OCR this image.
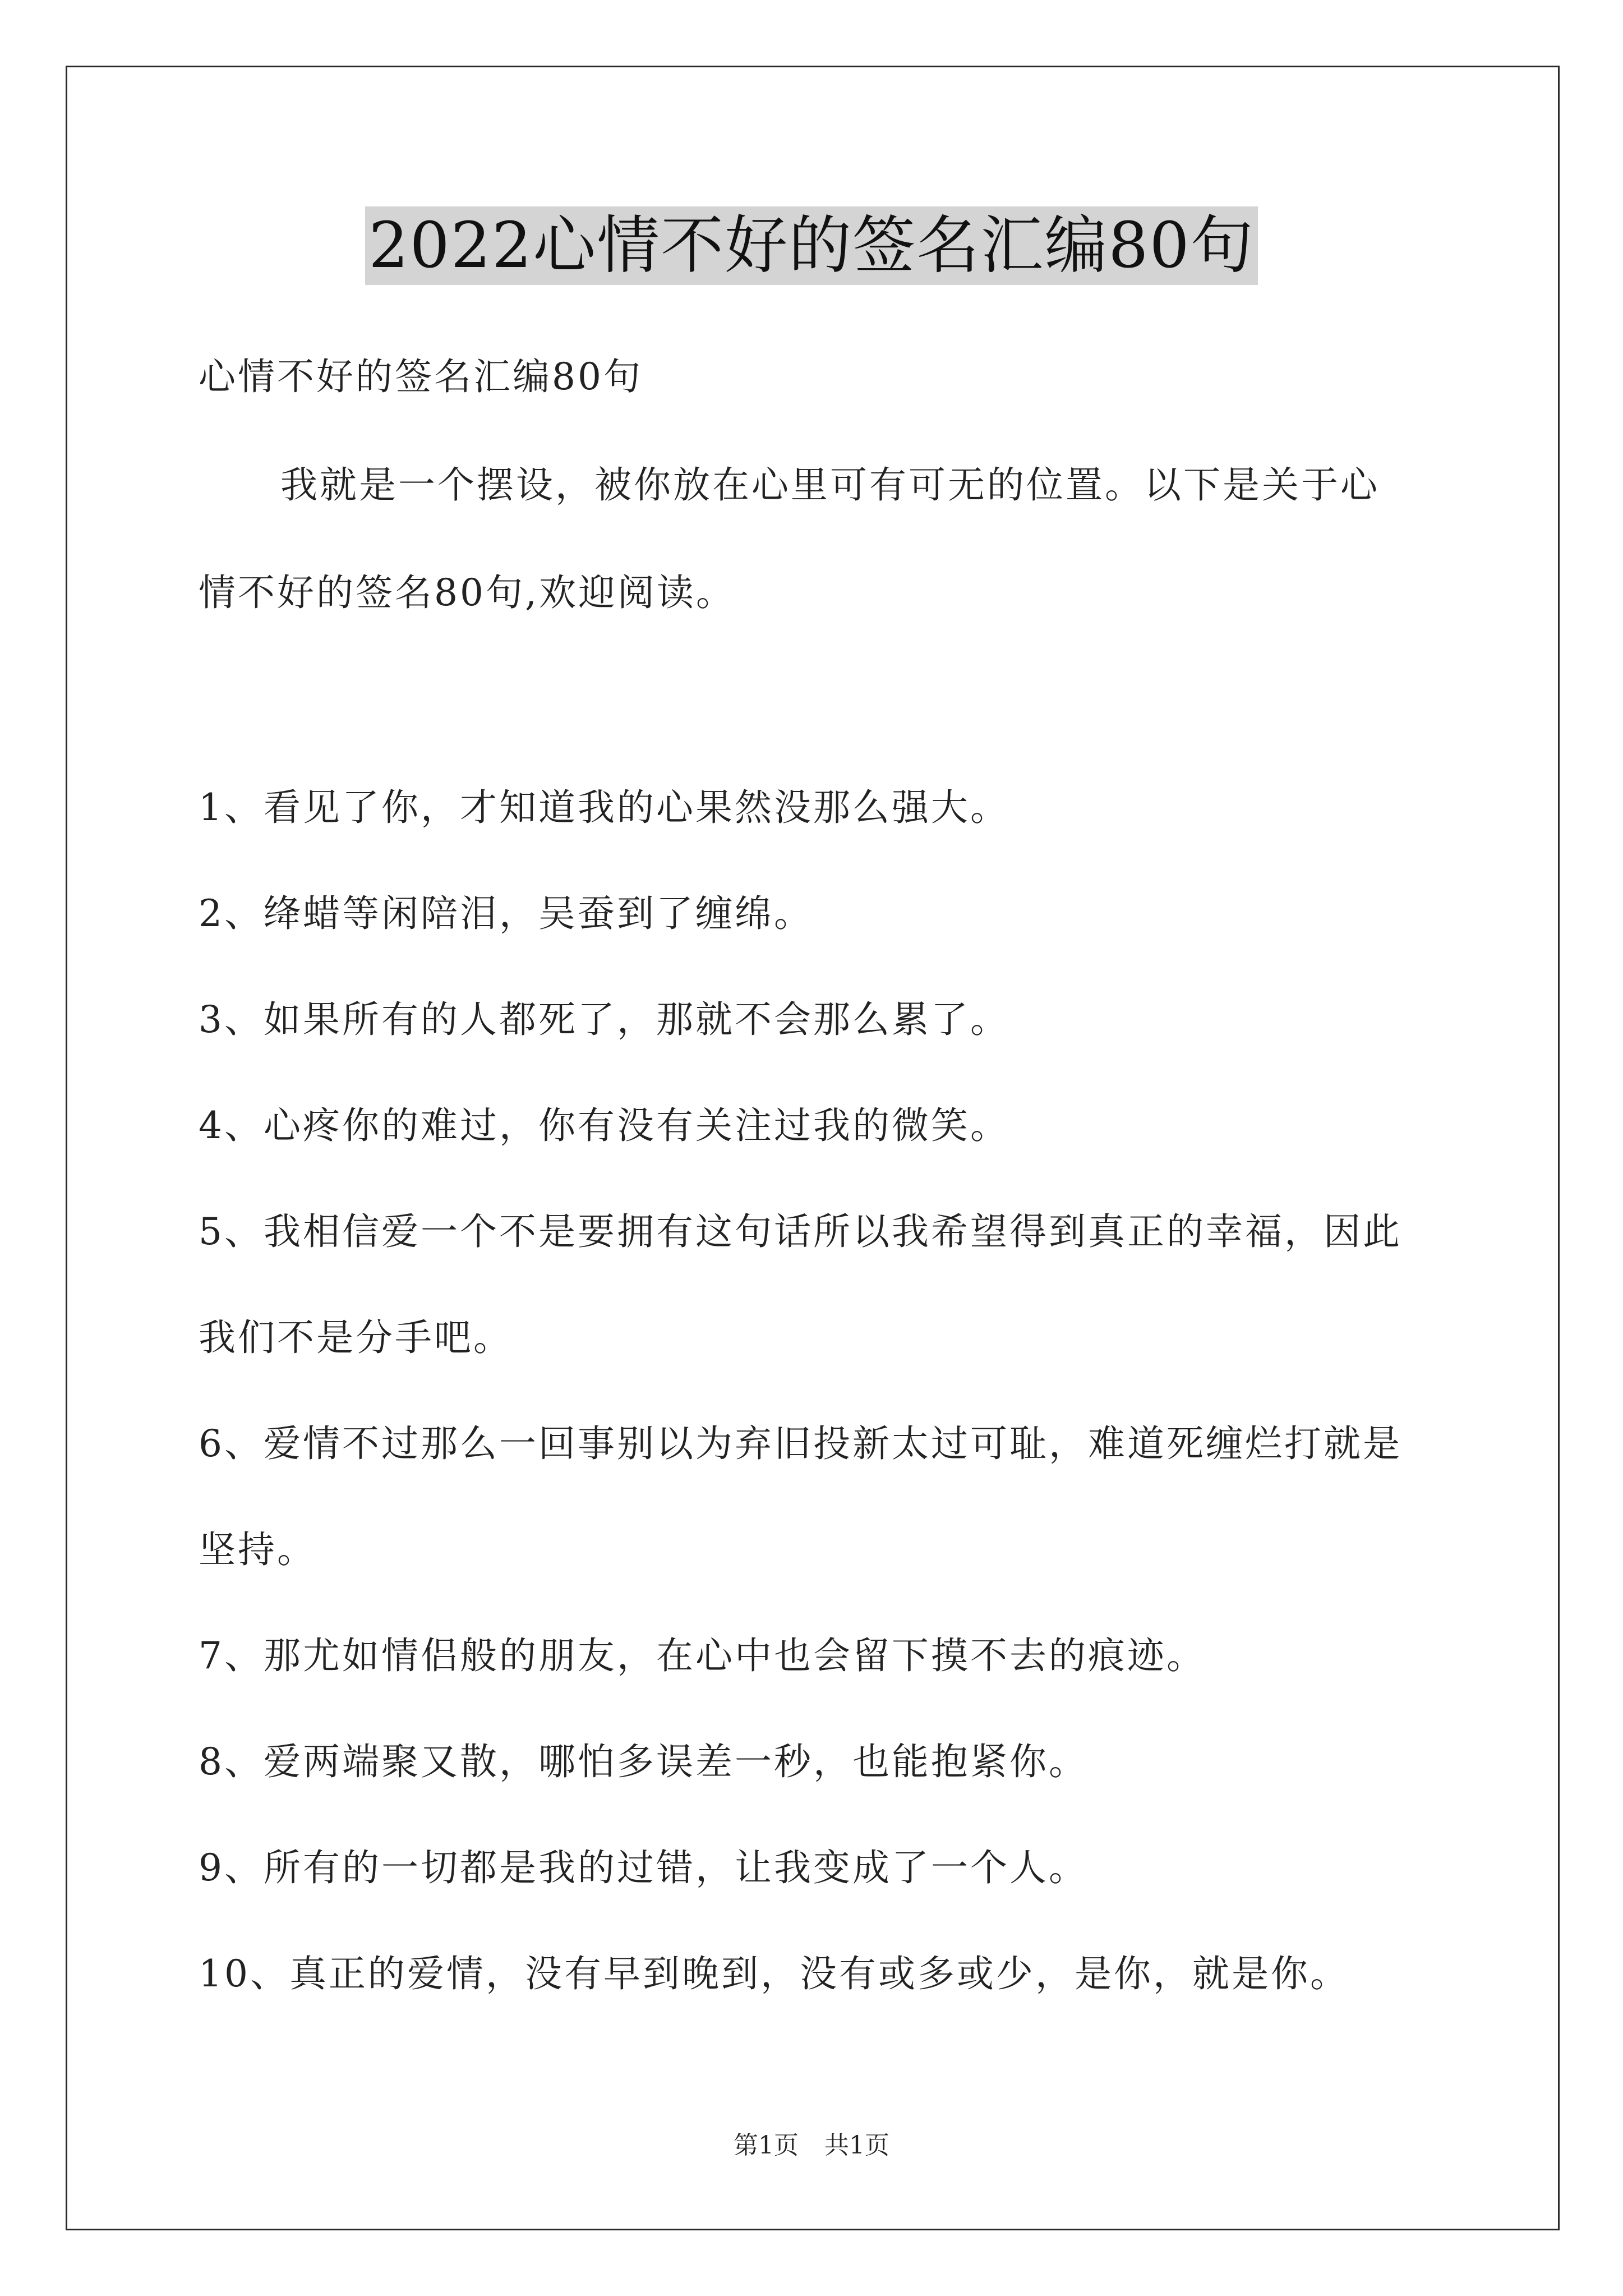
2022心情不好的签名汇编80句
心情不好的签名汇编80句
我就是一个摆设，被你放在心里可有可无的位置。以下是关于心
情不好的签名80句,欢迎阅读。
1、看见了你，才知道我的心果然没那么强大。
2、绛蜡等闲陪泪，吴蚕到了缠绵。
3、如果所有的人都死了，那就不会那么累了。
4、心疼你的难过，你有没有关注过我的微笑。
5、我相信爱一个不是要拥有这句话所以我希望得到真正的幸福，因此
我们不是分手吧。
6、爱情不过那么一回事别以为弃旧投新太过可耻，难道死缠烂打就是
坚持。
7、那尤如情侣般的朋友，在心中也会留下摸不去的痕迹。
8、爱两端聚又散，哪怕多误差一秒，也能抱紧你。
9、所有的一切都是我的过错，让我变成了一个人。
10、真正的爱情，没有早到晚到，没有或多或少，是你，就是你。
第1页 共1页
